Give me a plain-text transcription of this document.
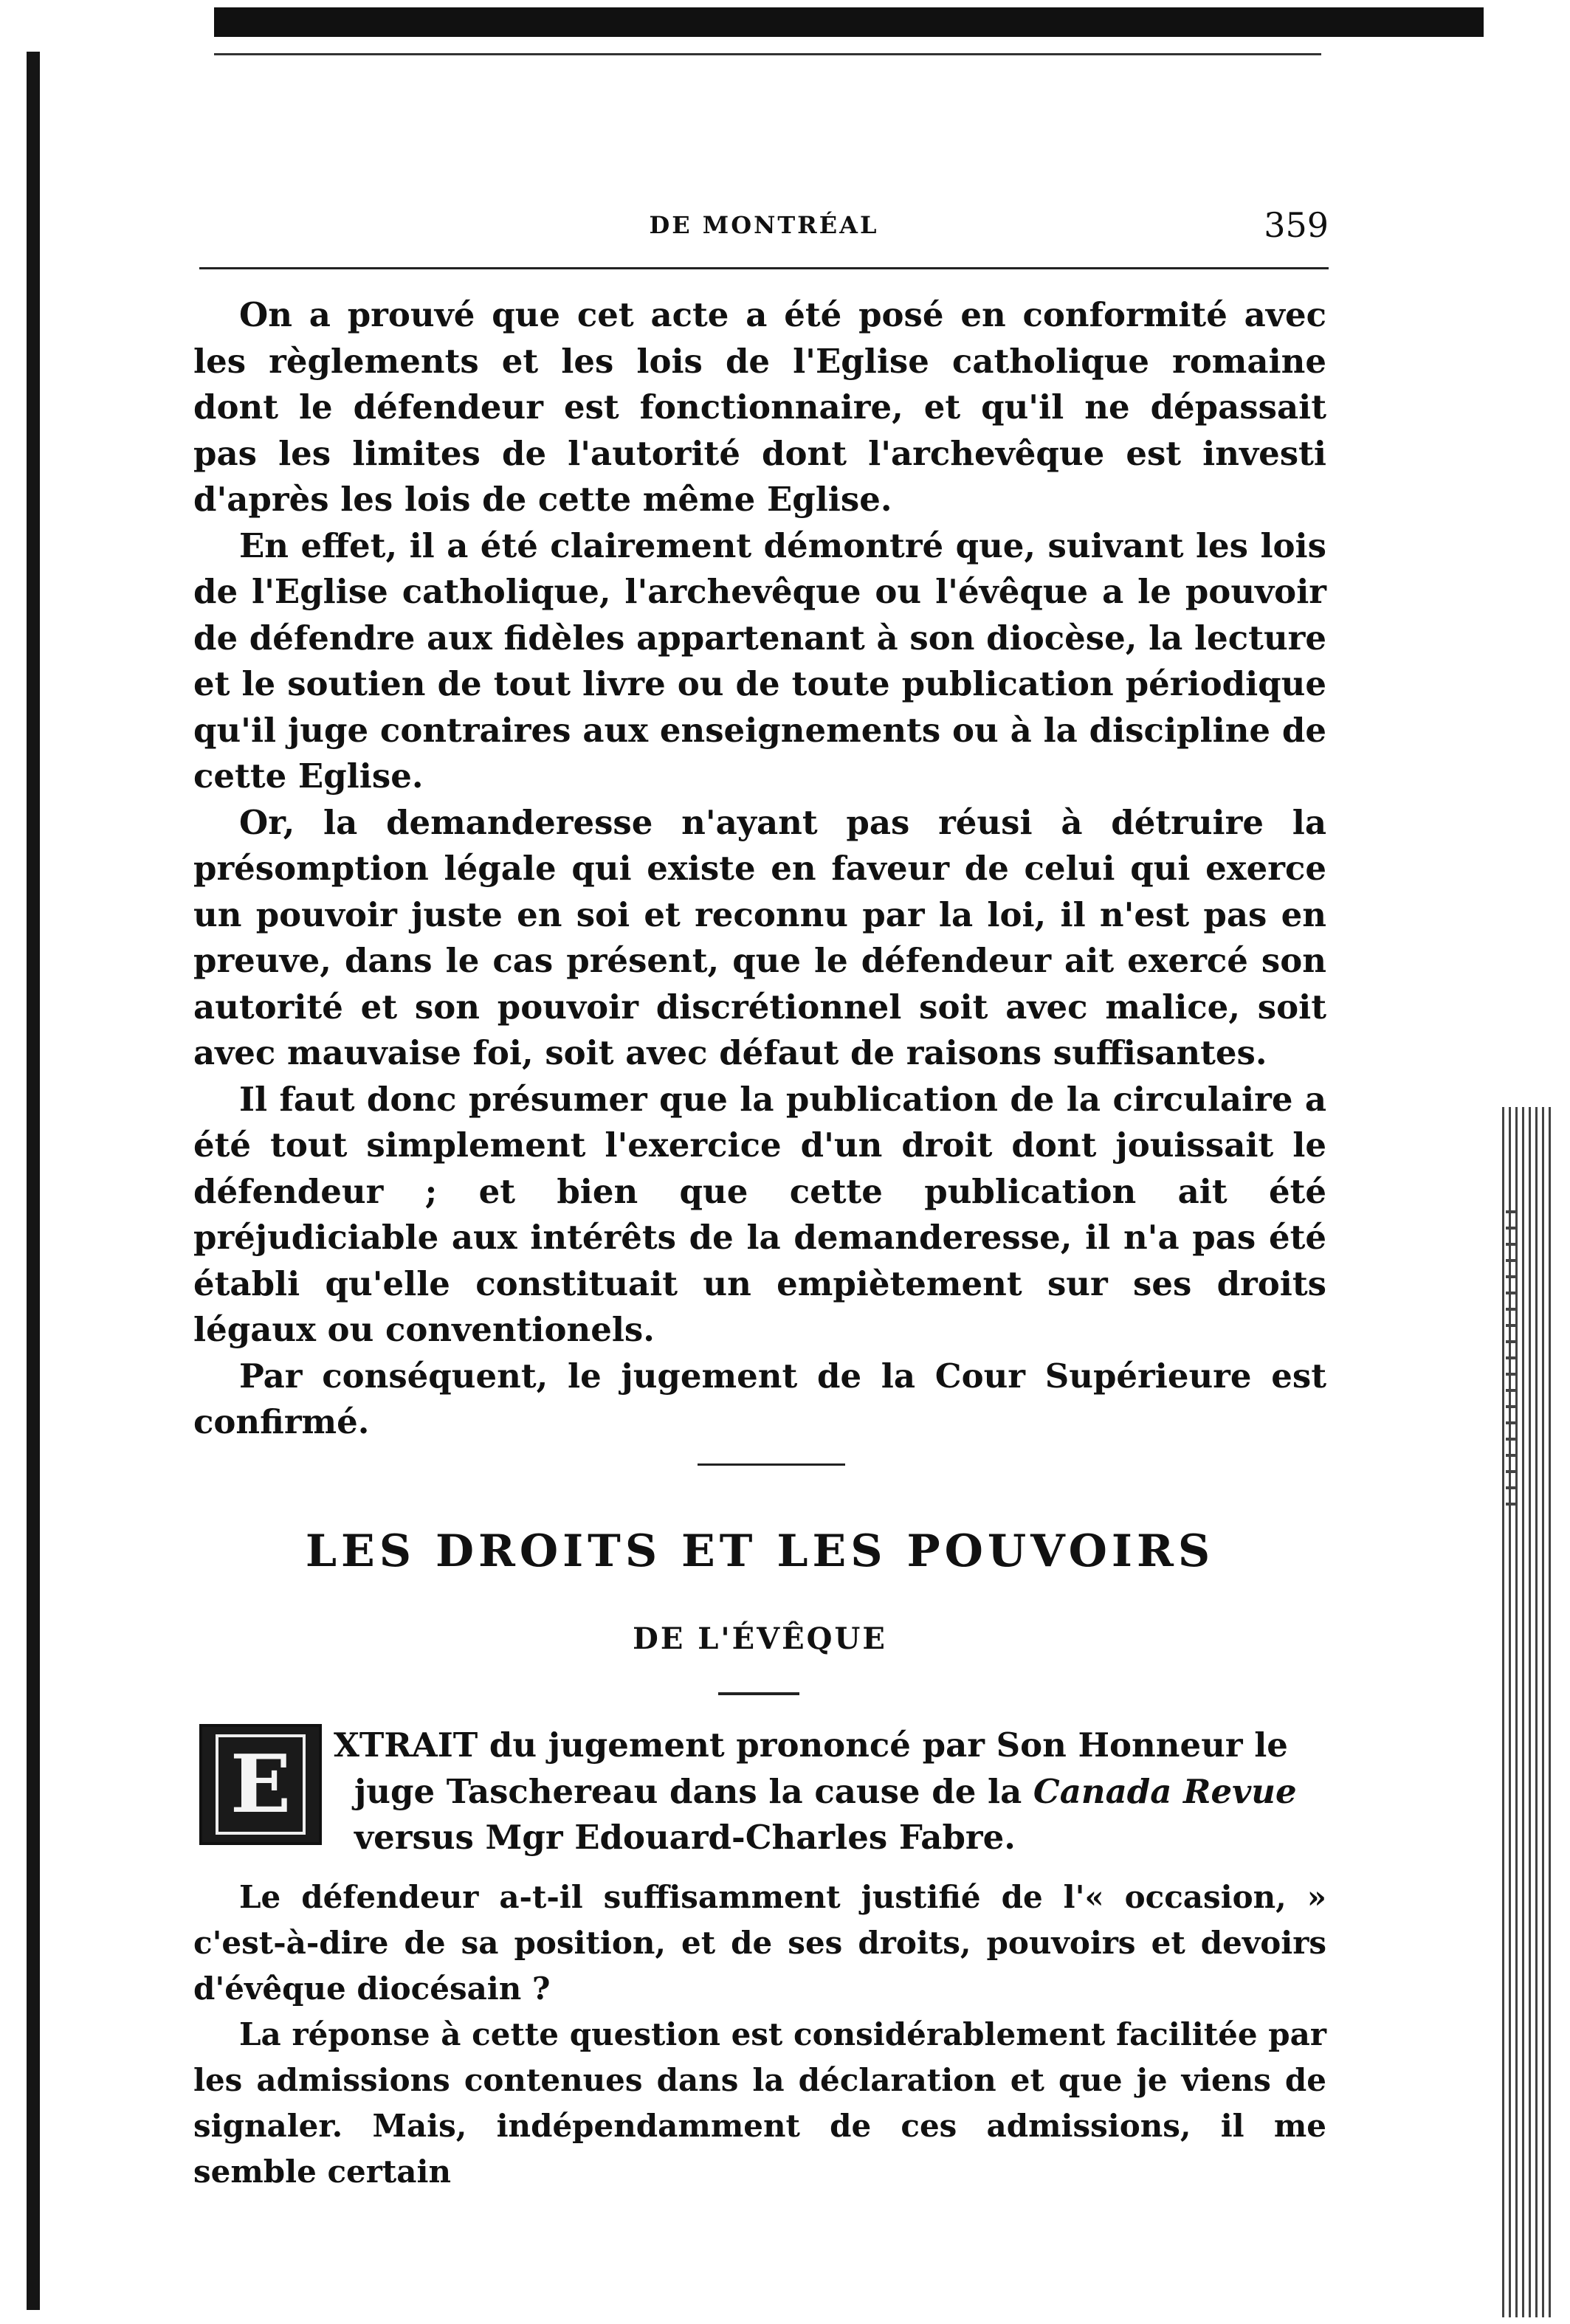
DE MONTRÉAL	359

On a prouvé que cet acte a été posé en conformité avec les règlements et les lois de l'Eglise catholique romaine dont le défendeur est fonctionnaire, et qu'il ne dépassait pas les limites de l'autorité dont l'archevêque est investi d'après les lois de cette même Eglise.

En effet, il a été clairement démontré que, suivant les lois de l'Eglise catholique, l'archevêque ou l'évêque a le pouvoir de défendre aux fidèles appartenant à son diocèse, la lecture et le soutien de tout livre ou de toute publication périodique qu'il juge contraires aux enseignements ou à la discipline de cette Eglise.

Or, la demanderesse n'ayant pas réusi à détruire la présomption légale qui existe en faveur de celui qui exerce un pouvoir juste en soi et reconnu par la loi, il n'est pas en preuve, dans le cas présent, que le défendeur ait exercé son autorité et son pouvoir discrétionnel soit avec malice, soit avec mauvaise foi, soit avec défaut de raisons suffisantes.

Il faut donc présumer que la publication de la circulaire a été tout simplement l'exercice d'un droit dont jouissait le défendeur ; et bien que cette publication ait été préjudiciable aux intérêts de la demanderesse, il n'a pas été établi qu'elle constituait un empiètement sur ses droits légaux ou conventionels.

Par conséquent, le jugement de la Cour Supérieure est confirmé.

LES DROITS ET LES POUVOIRS
DE L'ÉVÊQUE
E	XTRAIT du jugement prononcé par Son Honneur le

juge Taschereau dans la cause de la Canada Revue

versus Mgr Edouard-Charles Fabre.

Le défendeur a-t-il suffisamment justifié de l'« occasion, » c'est-à-dire de sa position, et de ses droits, pouvoirs et devoirs d'évêque diocésain ?

La réponse à cette question est considérablement facilitée par les admissions contenues dans la déclaration et que je viens de signaler. Mais, indépendamment de ces admissions, il me semble certain
